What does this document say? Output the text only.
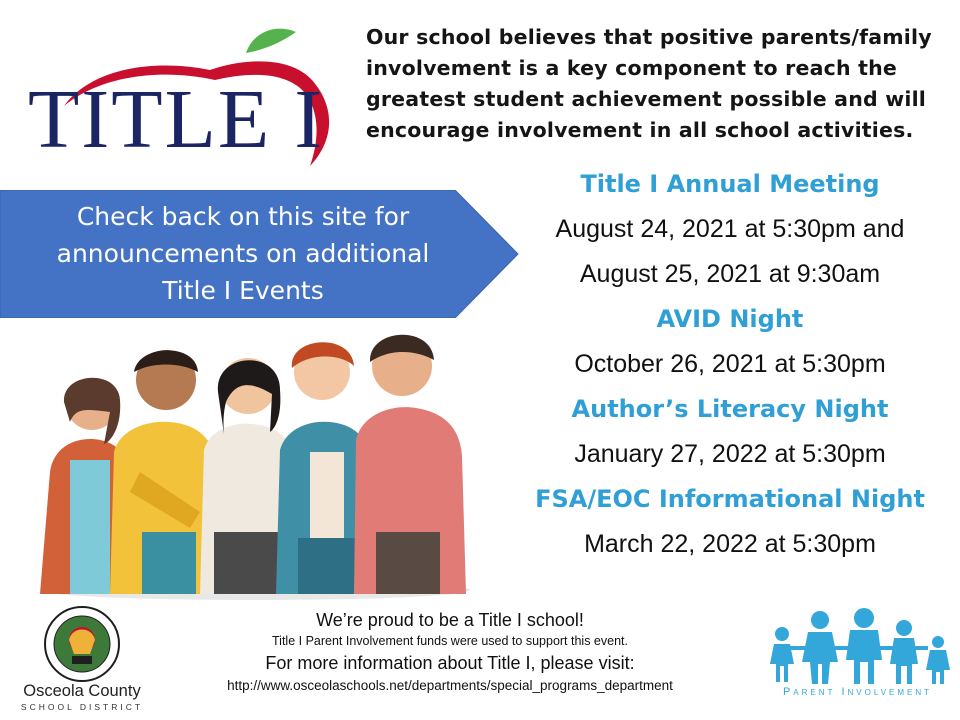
TITLE I
Our school believes that positive parents/family involvement is a key component to reach the greatest student achievement possible and will encourage involvement in all school activities.
Check back on this site for
announcements on additional
Title I Events
Title I Annual Meeting
August 24, 2021 at 5:30pm and
August 25, 2021 at 9:30am
AVID Night
October 26, 2021 at 5:30pm
Author’s Literacy Night
January 27, 2022 at 5:30pm
FSA/EOC Informational Night
March 22, 2022 at 5:30pm
Osceola County
SCHOOL DISTRICT
We’re proud to be a Title I school!
Title I Parent Involvement funds were used to support this event.
For more information about Title I, please visit:
http://www.osceolaschools.net/departments/special_programs_department	Parent Involvement
